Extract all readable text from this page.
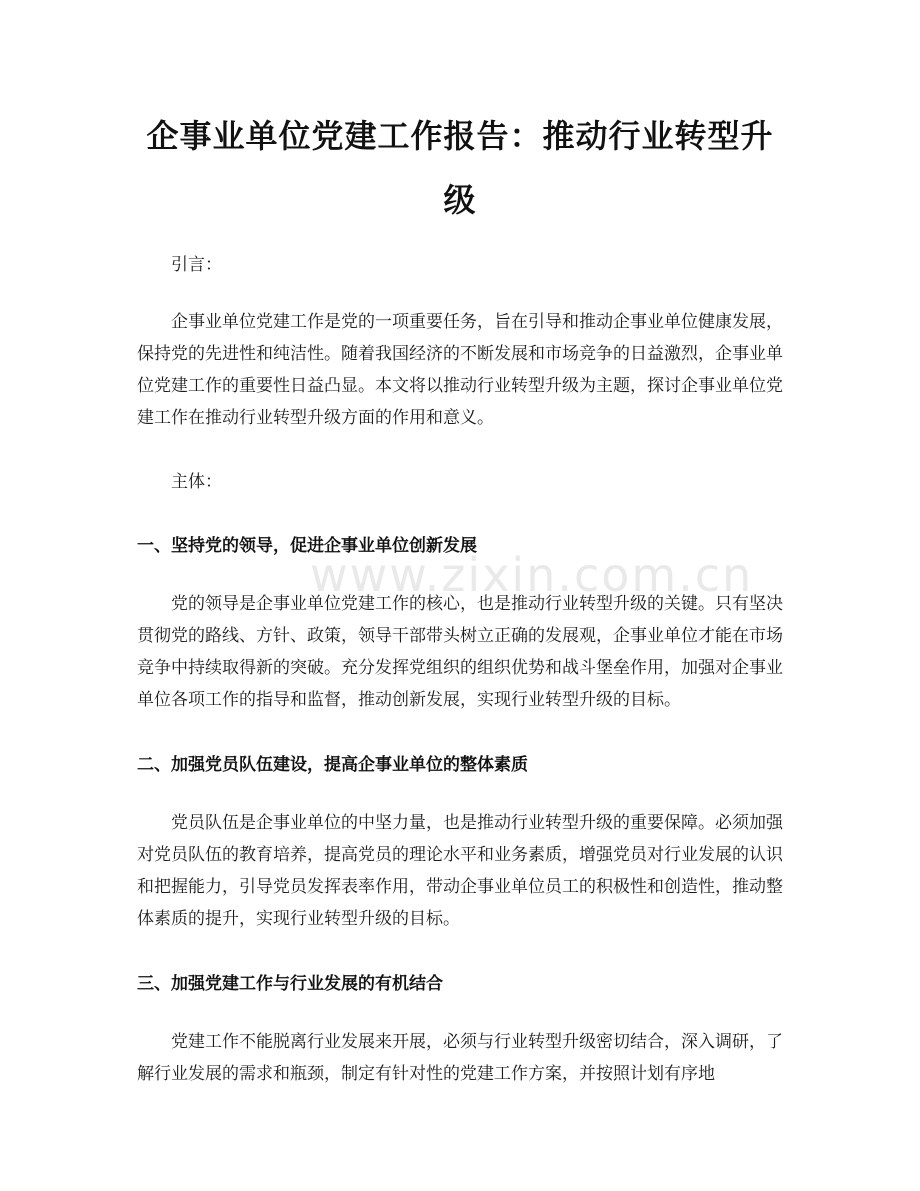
www.zixin.com.cn
企事业单位党建工作报告：推动行业转型升级

引言：

企事业单位党建工作是党的一项重要任务，旨在引导和推动企事业单位健康发展，保持党的先进性和纯洁性。随着我国经济的不断发展和市场竞争的日益激烈，企事业单位党建工作的重要性日益凸显。本文将以推动行业转型升级为主题，探讨企事业单位党建工作在推动行业转型升级方面的作用和意义。

主体：

一、坚持党的领导，促进企事业单位创新发展

党的领导是企事业单位党建工作的核心，也是推动行业转型升级的关键。只有坚决贯彻党的路线、方针、政策，领导干部带头树立正确的发展观，企事业单位才能在市场竞争中持续取得新的突破。充分发挥党组织的组织优势和战斗堡垒作用，加强对企事业单位各项工作的指导和监督，推动创新发展，实现行业转型升级的目标。

二、加强党员队伍建设，提高企事业单位的整体素质

党员队伍是企事业单位的中坚力量，也是推动行业转型升级的重要保障。必须加强对党员队伍的教育培养，提高党员的理论水平和业务素质，增强党员对行业发展的认识和把握能力，引导党员发挥表率作用，带动企事业单位员工的积极性和创造性，推动整体素质的提升，实现行业转型升级的目标。

三、加强党建工作与行业发展的有机结合

党建工作不能脱离行业发展来开展，必须与行业转型升级密切结合，深入调研，了解行业发展的需求和瓶颈，制定有针对性的党建工作方案，并按照计划有序地
